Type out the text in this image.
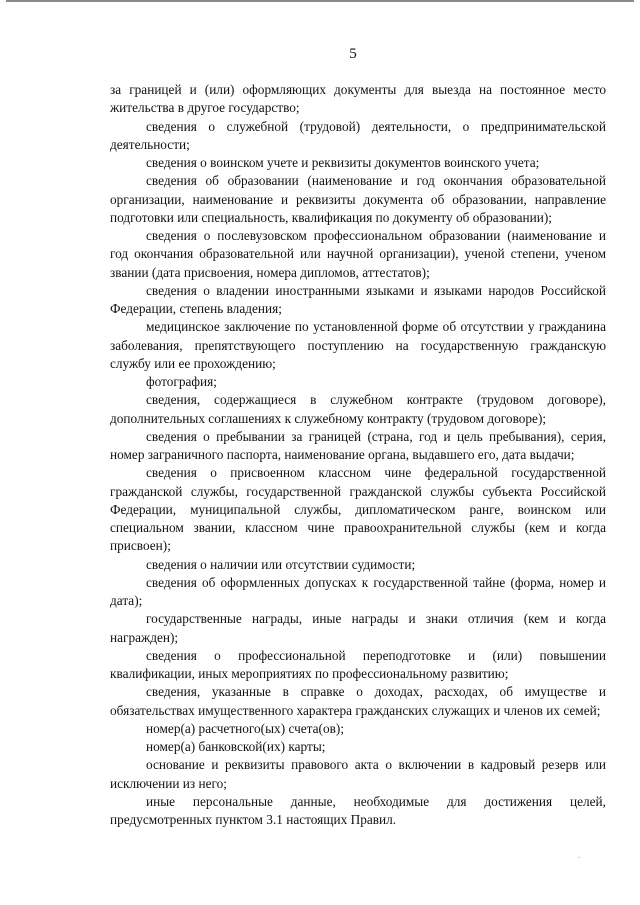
5

за границей и (или) оформляющих документы для выезда на постоянное место жительства в другое государство;

сведения о служебной (трудовой) деятельности, о предпринимательской деятельности;

сведения о воинском учете и реквизиты документов воинского учета;

сведения об образовании (наименование и год окончания образовательной организации, наименование и реквизиты документа об образовании, направление подготовки или специальность, квалификация по документу об образовании);

сведения о послевузовском профессиональном образовании (наименование и год окончания образовательной или научной организации), ученой степени, ученом звании (дата присвоения, номера дипломов, аттестатов);

сведения о владении иностранными языками и языками народов Российской Федерации, степень владения;

медицинское заключение по установленной форме об отсутствии у гражданина заболевания, препятствующего поступлению на государственную гражданскую службу или ее прохождению;

фотография;

сведения, содержащиеся в служебном контракте (трудовом договоре), дополнительных соглашениях к служебному контракту (трудовом договоре);

сведения о пребывании за границей (страна, год и цель пребывания), серия, номер заграничного паспорта, наименование органа, выдавшего его, дата выдачи;

сведения о присвоенном классном чине федеральной государственной гражданской службы, государственной гражданской службы субъекта Российской Федерации, муниципальной службы, дипломатическом ранге, воинском или специальном звании, классном чине правоохранительной службы (кем и когда присвоен);

сведения о наличии или отсутствии судимости;

сведения об оформленных допусках к государственной тайне (форма, номер и дата);

государственные награды, иные награды и знаки отличия (кем и когда награжден);

сведения о профессиональной переподготовке и (или) повышении квалификации, иных мероприятиях по профессиональному развитию;

сведения, указанные в справке о доходах, расходах, об имуществе и обязательствах имущественного характера гражданских служащих и членов их семей;

номер(а) расчетного(ых) счета(ов);

номер(а) банковской(их) карты;

основание и реквизиты правового акта о включении в кадровый резерв или исключении из него;

иные персональные данные, необходимые для достижения целей, предусмотренных пунктом 3.1 настоящих Правил.
